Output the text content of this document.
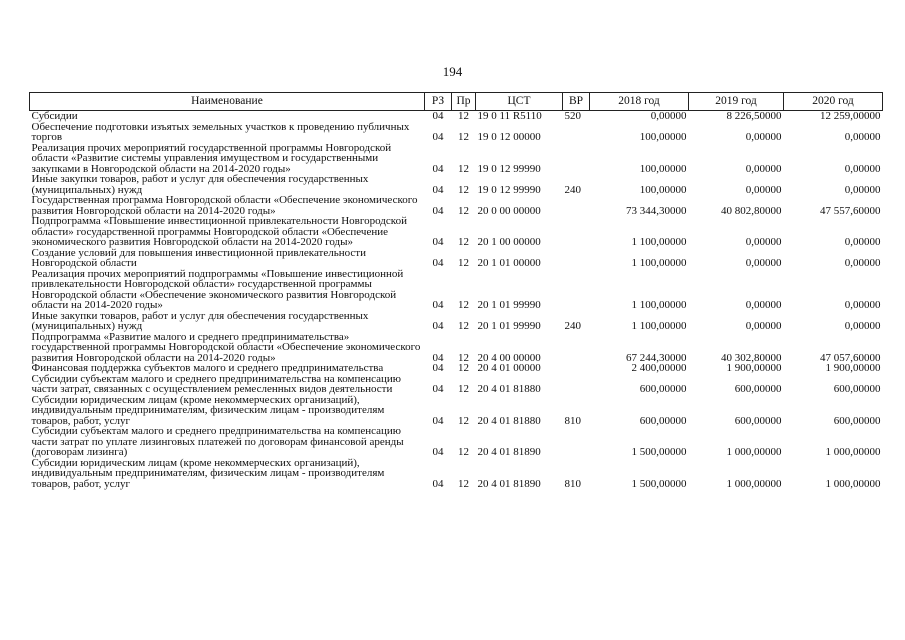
194
Наименование	РЗ	Пр	ЦСТ	ВР	2018 год	2019 год	2020 год
Субсидии	04	12	19 0 11 R5110	520	0,00000	8 226,50000	12 259,00000
Обеспечение подготовки изъятых земельных участков к проведению публичных торгов	04	12	19 0 12 00000		100,00000	0,00000	0,00000
Реализация прочих мероприятий государственной программы Новгородской области «Развитие системы управления имуществом и государственными закупками в Новгородской области на 2014-2020 годы»	04	12	19 0 12 99990		100,00000	0,00000	0,00000
Иные закупки товаров, работ и услуг для обеспечения государственных (муниципальных) нужд	04	12	19 0 12 99990	240	100,00000	0,00000	0,00000
Государственная программа Новгородской области «Обеспечение экономического развития Новгородской области на 2014-2020 годы»	04	12	20 0 00 00000		73 344,30000	40 802,80000	47 557,60000
Подпрограмма «Повышение инвестиционной привлекательности Новгородской области» государственной программы Новгородской области «Обеспечение экономического развития Новгородской области на 2014-2020 годы»	04	12	20 1 00 00000		1 100,00000	0,00000	0,00000
Создание условий для повышения инвестиционной привлекательности Новгородской области	04	12	20 1 01 00000		1 100,00000	0,00000	0,00000
Реализация прочих мероприятий подпрограммы «Повышение инвестиционной привлекательности Новгородской области» государственной программы Новгородской области «Обеспечение экономического развития Новгородской области на 2014-2020 годы»	04	12	20 1 01 99990		1 100,00000	0,00000	0,00000
Иные закупки товаров, работ и услуг для обеспечения государственных (муниципальных) нужд	04	12	20 1 01 99990	240	1 100,00000	0,00000	0,00000
Подпрограмма «Развитие малого и среднего предпринимательства» государственной программы Новгородской области «Обеспечение экономического развития Новгородской области на 2014-2020 годы»	04	12	20 4 00 00000		67 244,30000	40 302,80000	47 057,60000
Финансовая поддержка субъектов малого и среднего предпринимательства	04	12	20 4 01 00000		2 400,00000	1 900,00000	1 900,00000
Субсидии субъектам малого и среднего предпринимательства на компенсацию части затрат, связанных с осуществлением ремесленных видов деятельности	04	12	20 4 01 81880		600,00000	600,00000	600,00000
Субсидии юридическим лицам (кроме некоммерческих организаций), индивидуальным предпринимателям, физическим лицам - производителям товаров, работ, услуг	04	12	20 4 01 81880	810	600,00000	600,00000	600,00000
Субсидии субъектам малого и среднего предпринимательства на компенсацию части затрат по уплате лизинговых платежей по договорам финансовой аренды (договорам лизинга)	04	12	20 4 01 81890		1 500,00000	1 000,00000	1 000,00000
Субсидии юридическим лицам (кроме некоммерческих организаций), индивидуальным предпринимателям, физическим лицам - производителям товаров, работ, услуг	04	12	20 4 01 81890	810	1 500,00000	1 000,00000	1 000,00000
